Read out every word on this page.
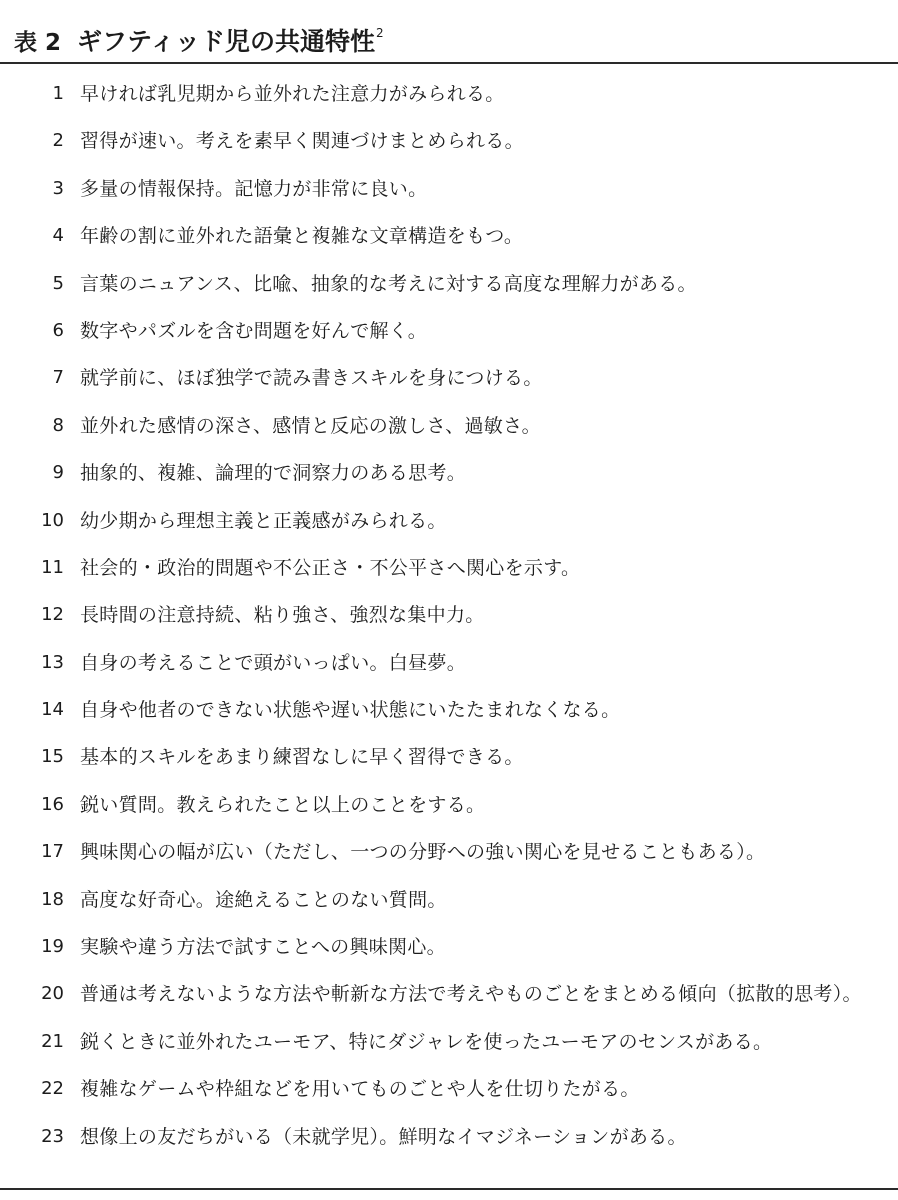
表 2 ギフティッド児の共通特性$^2$
1 早ければ乳児期から並外れた注意力がみられる。
2 習得が速い。考えを素早く関連づけまとめられる。
3 多量の情報保持。記憶力が非常に良い。
4 年齢の割に並外れた語彙と複雑な文章構造をもつ。
5 言葉のニュアンス、比喩、抽象的な考えに対する高度な理解力がある。
6 数字やパズルを含む問題を好んで解く。
7 就学前に、ほぼ独学で読み書きスキルを身につける。
8 並外れた感情の深さ、感情と反応の激しさ、過敏さ。
9 抽象的、複雑、論理的で洞察力のある思考。
10 幼少期から理想主義と正義感がみられる。
11 社会的・政治的問題や不公正さ・不公平さへ関心を示す。
12 長時間の注意持続、粘り強さ、強烈な集中力。
13 自身の考えることで頭がいっぱい。白昼夢。
14 自身や他者のできない状態や遅い状態にいたたまれなくなる。
15 基本的スキルをあまり練習なしに早く習得できる。
16 鋭い質問。教えられたこと以上のことをする。
17 興味関心の幅が広い（ただし、一つの分野への強い関心を見せることもある）。
18 高度な好奇心。途絶えることのない質問。
19 実験や違う方法で試すことへの興味関心。
20 普通は考えないような方法や斬新な方法で考えやものごとをまとめる傾向（拡散的思考）。
21 鋭くときに並外れたユーモア、特にダジャレを使ったユーモアのセンスがある。
22 複雑なゲームや枠組などを用いてものごとや人を仕切りたがる。
23 想像上の友だちがいる（未就学児）。鮮明なイマジネーションがある。
